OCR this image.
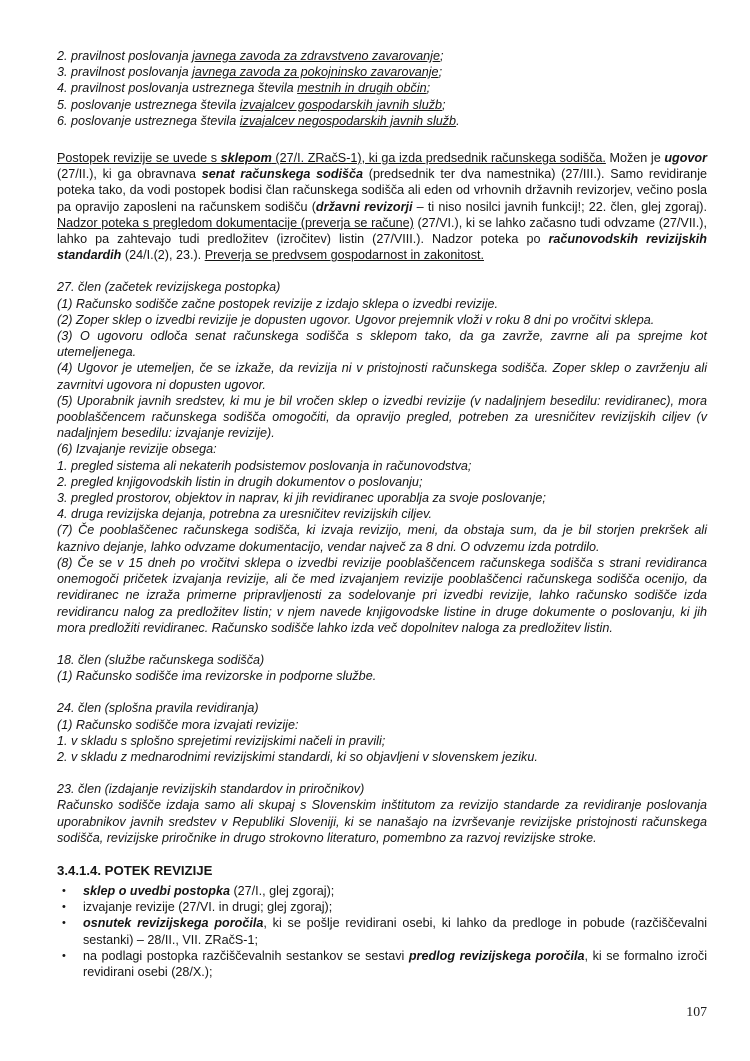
2. pravilnost poslovanja javnega zavoda za zdravstveno zavarovanje;

3. pravilnost poslovanja javnega zavoda za pokojninsko zavarovanje;

4. pravilnost poslovanja ustreznega števila mestnih in drugih občin;

5. poslovanje ustreznega števila izvajalcev gospodarskih javnih služb;

6. poslovanje ustreznega števila izvajalcev negospodarskih javnih služb.

Postopek revizije se uvede s sklepom (27/I. ZRačS-1), ki ga izda predsednik računskega sodišča. Možen je ugovor (27/II.), ki ga obravnava senat računskega sodišča (predsednik ter dva namestnika) (27/III.). Samo revidiranje poteka tako, da vodi postopek bodisi član računskega sodišča ali eden od vrhovnih državnih revizorjev, večino posla pa opravijo zaposleni na računskem sodišču (državni revizorji – ti niso nosilci javnih funkcij!; 22. člen, glej zgoraj). Nadzor poteka s pregledom dokumentacije (preverja se račune) (27/VI.), ki se lahko začasno tudi odvzame (27/VII.), lahko pa zahtevajo tudi predložitev (izročitev) listin (27/VIII.). Nadzor poteka po računovodskih revizijskih standardih (24/I.(2), 23.). Preverja se predvsem gospodarnost in zakonitost.

27. člen (začetek revizijskega postopka)

(1) Računsko sodišče začne postopek revizije z izdajo sklepa o izvedbi revizije.

(2) Zoper sklep o izvedbi revizije je dopusten ugovor. Ugovor prejemnik vloži v roku 8 dni po vročitvi sklepa.

(3) O ugovoru odloča senat računskega sodišča s sklepom tako, da ga zavrže, zavrne ali pa sprejme kot utemeljenega.

(4) Ugovor je utemeljen, če se izkaže, da revizija ni v pristojnosti računskega sodišča. Zoper sklep o zavrženju ali zavrnitvi ugovora ni dopusten ugovor.

(5) Uporabnik javnih sredstev, ki mu je bil vročen sklep o izvedbi revizije (v nadaljnjem besedilu: revidiranec), mora pooblaščencem računskega sodišča omogočiti, da opravijo pregled, potreben za uresničitev revizijskih ciljev (v nadaljnjem besedilu: izvajanje revizije).

(6) Izvajanje revizije obsega:

1. pregled sistema ali nekaterih podsistemov poslovanja in računovodstva;

2. pregled knjigovodskih listin in drugih dokumentov o poslovanju;

3. pregled prostorov, objektov in naprav, ki jih revidiranec uporablja za svoje poslovanje;

4. druga revizijska dejanja, potrebna za uresničitev revizijskih ciljev.

(7) Če pooblaščenec računskega sodišča, ki izvaja revizijo, meni, da obstaja sum, da je bil storjen prekršek ali kaznivo dejanje, lahko odvzame dokumentacijo, vendar največ za 8 dni. O odvzemu izda potrdilo.

(8) Če se v 15 dneh po vročitvi sklepa o izvedbi revizije pooblaščencem računskega sodišča s strani revidiranca onemogoči pričetek izvajanja revizije, ali če med izvajanjem revizije pooblaščenci računskega sodišča ocenijo, da revidiranec ne izraža primerne pripravljenosti za sodelovanje pri izvedbi revizije, lahko računsko sodišče izda revidirancu nalog za predložitev listin; v njem navede knjigovodske listine in druge dokumente o poslovanju, ki jih mora predložiti revidiranec. Računsko sodišče lahko izda več dopolnitev naloga za predložitev listin.

18. člen (službe računskega sodišča)

(1) Računsko sodišče ima revizorske in podporne službe.

24. člen (splošna pravila revidiranja)

(1) Računsko sodišče mora izvajati revizije:

1. v skladu s splošno sprejetimi revizijskimi načeli in pravili;

2. v skladu z mednarodnimi revizijskimi standardi, ki so objavljeni v slovenskem jeziku.

23. člen (izdajanje revizijskih standardov in priročnikov)

Računsko sodišče izdaja samo ali skupaj s Slovenskim inštitutom za revizijo standarde za revidiranje poslovanja uporabnikov javnih sredstev v Republiki Sloveniji, ki se nanašajo na izvrševanje revizijske pristojnosti računskega sodišča, revizijske priročnike in drugo strokovno literaturo, pomembno za razvoj revizijske stroke.

3.4.1.4. POTEK REVIZIJE
• sklep o uvedbi postopka (27/I., glej zgoraj);
• izvajanje revizije (27/VI. in drugi; glej zgoraj);
• osnutek revizijskega poročila, ki se pošlje revidirani osebi, ki lahko da predloge in pobude (razčiščevalni sestanki) – 28/II., VII. ZRačS-1;
• na podlagi postopka razčiščevalnih sestankov se sestavi predlog revizijskega poročila, ki se formalno izroči revidirani osebi (28/X.);
107
